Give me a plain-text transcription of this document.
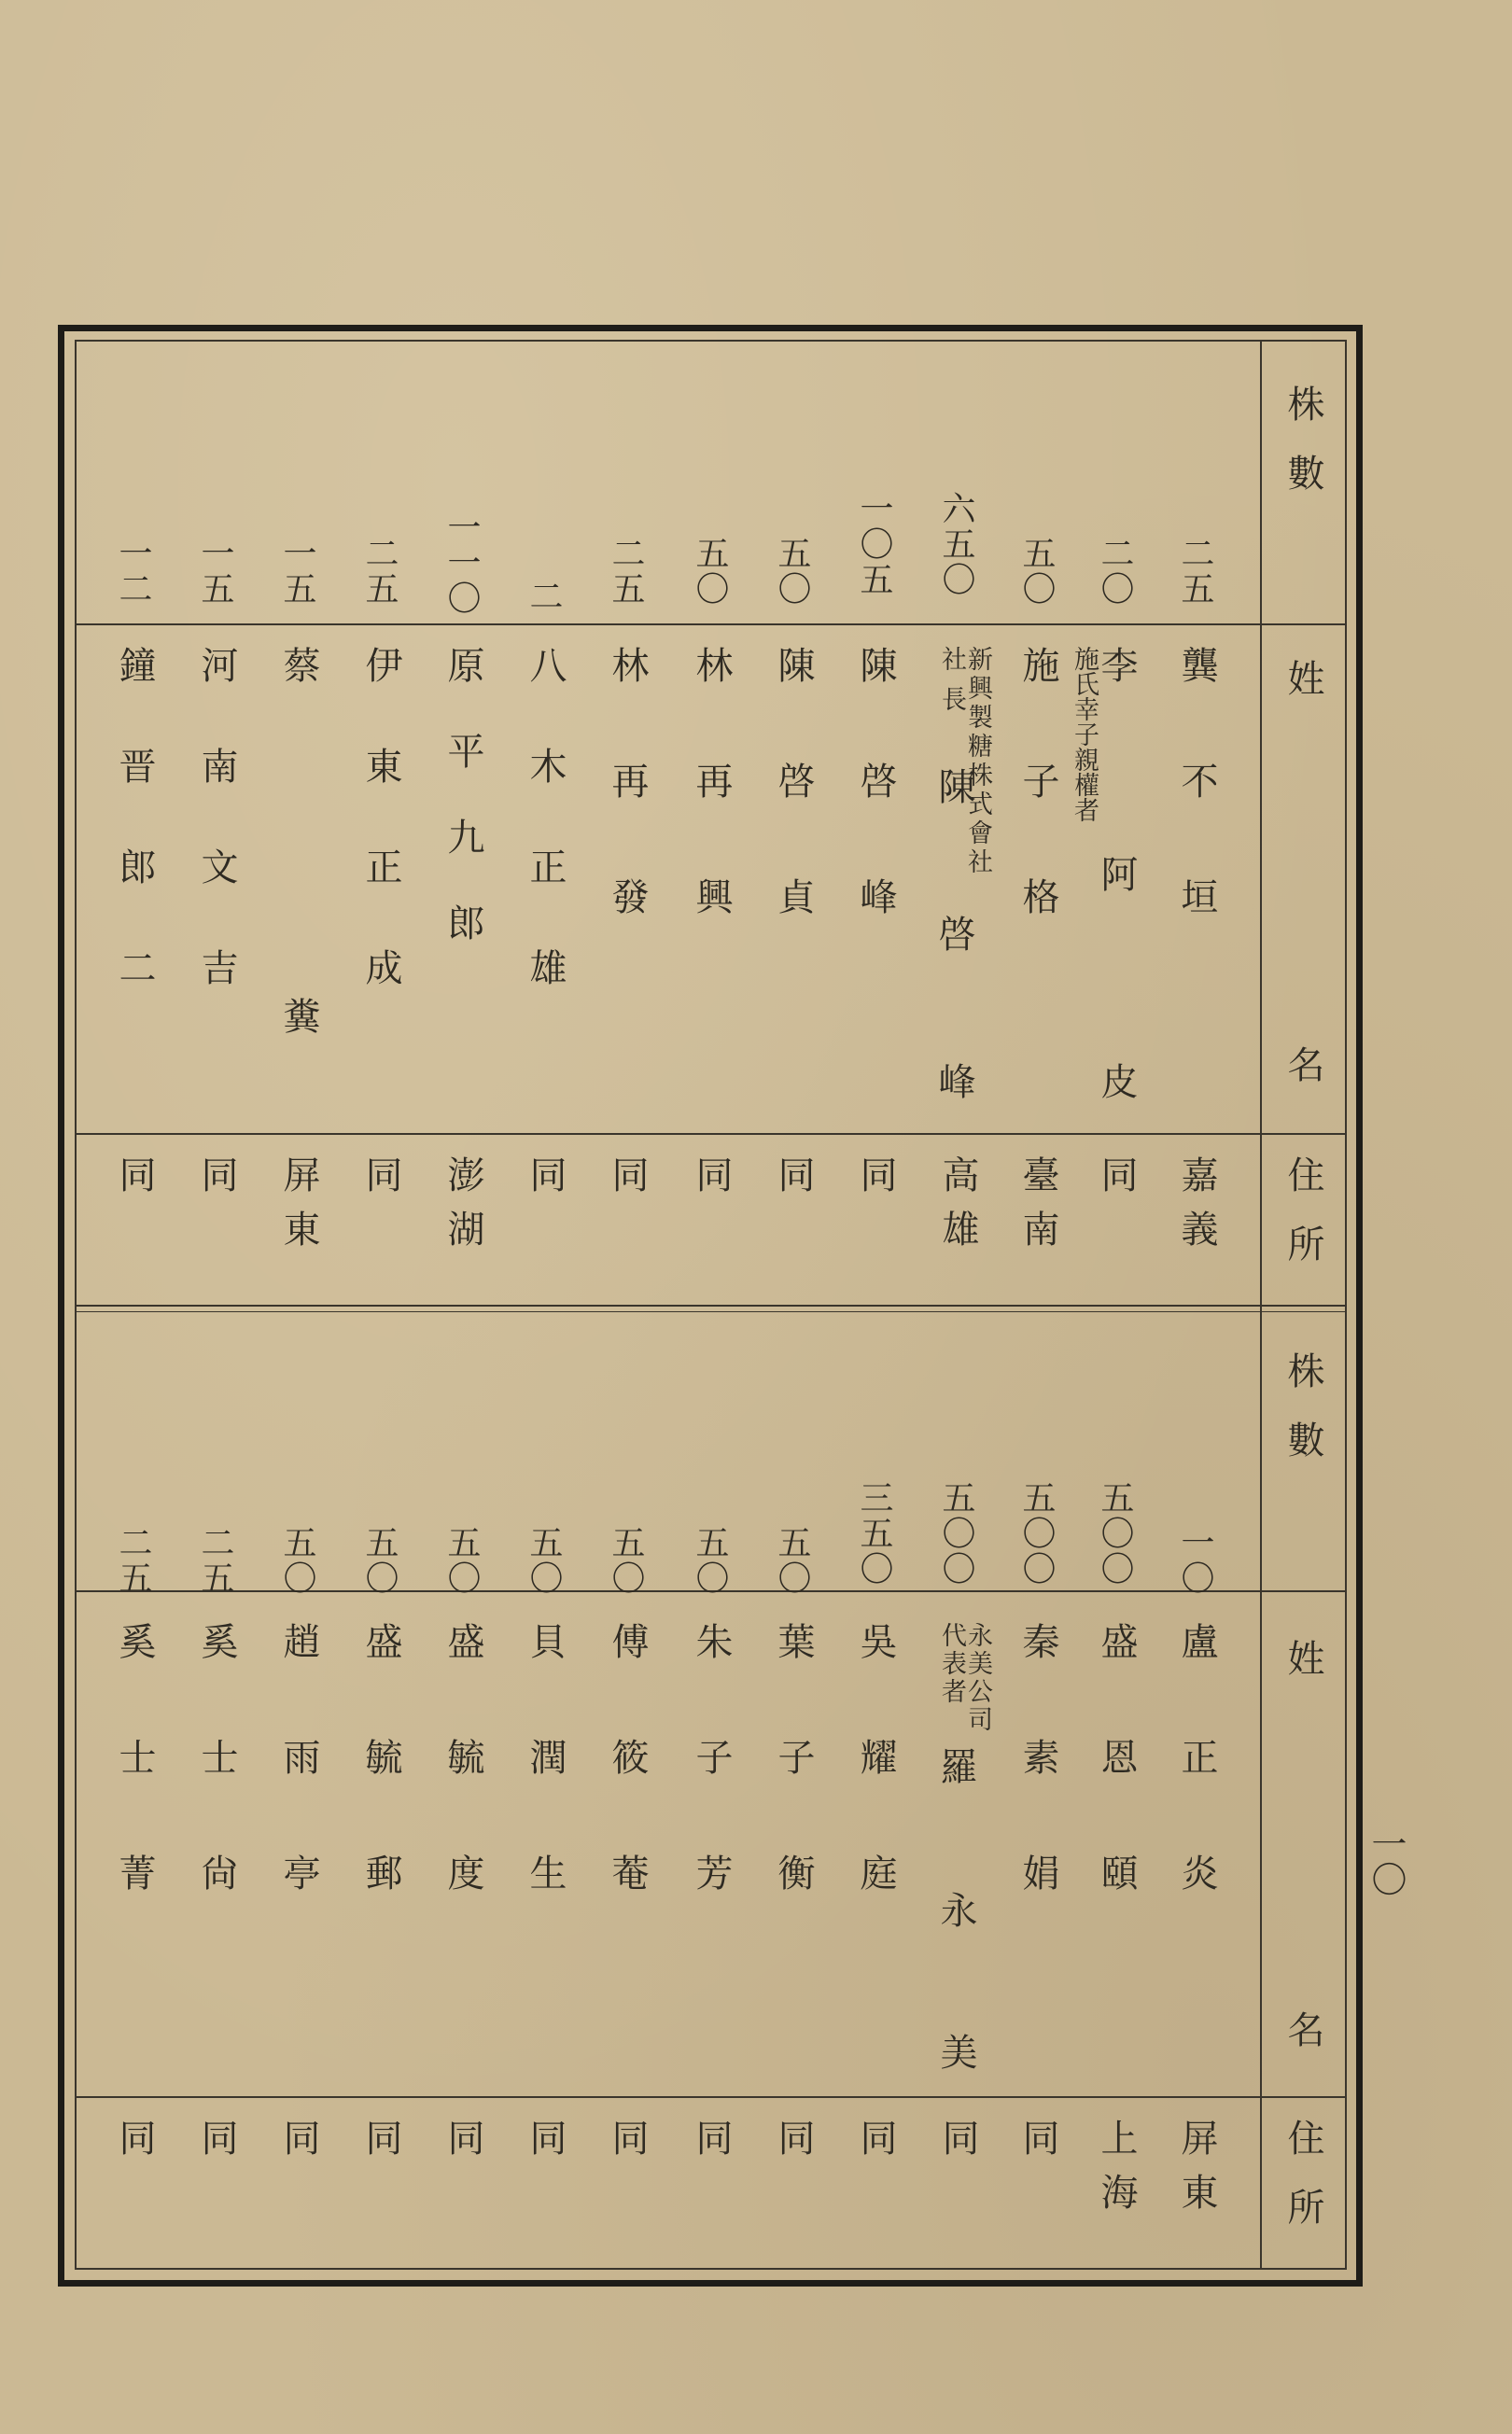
株數
姓
名
住所
株數
姓
名
住所
二五
龔　不　垣
嘉義
二〇
李
施氏幸子親權者
阿
皮
同
五〇
施　子　格
臺南
六五〇
新興製糖株式會社
社長
陳
啓
峰
高雄
一〇五
陳　啓　峰
同
五〇
陳　啓　貞
同
五〇
林　再　興
同
二五
林　再　發
同
二
八木正雄
同
一一〇
原平九郎
澎湖
二五
伊東正成
同
一五
蔡　　　糞
屏東
一五
河南文吉
同
一二
鐘晋郎二
同
一〇
盧　正　炎
屏東
五〇〇
盛　恩　頤
上海
五〇〇
秦　素　娟
同
五〇〇
永美公司
代表者
羅
永
美
同
三五〇
吳　耀　庭
同
五〇
葉　子　衡
同
五〇
朱　子　芳
同
五〇
傅　筱　菴
同
五〇
貝　潤　生
同
五〇
盛　毓　度
同
五〇
盛　毓　郵
同
五〇
趙　雨　亭
同
二五
奚　士　尙
同
二五
奚　士　菁
同
一〇
